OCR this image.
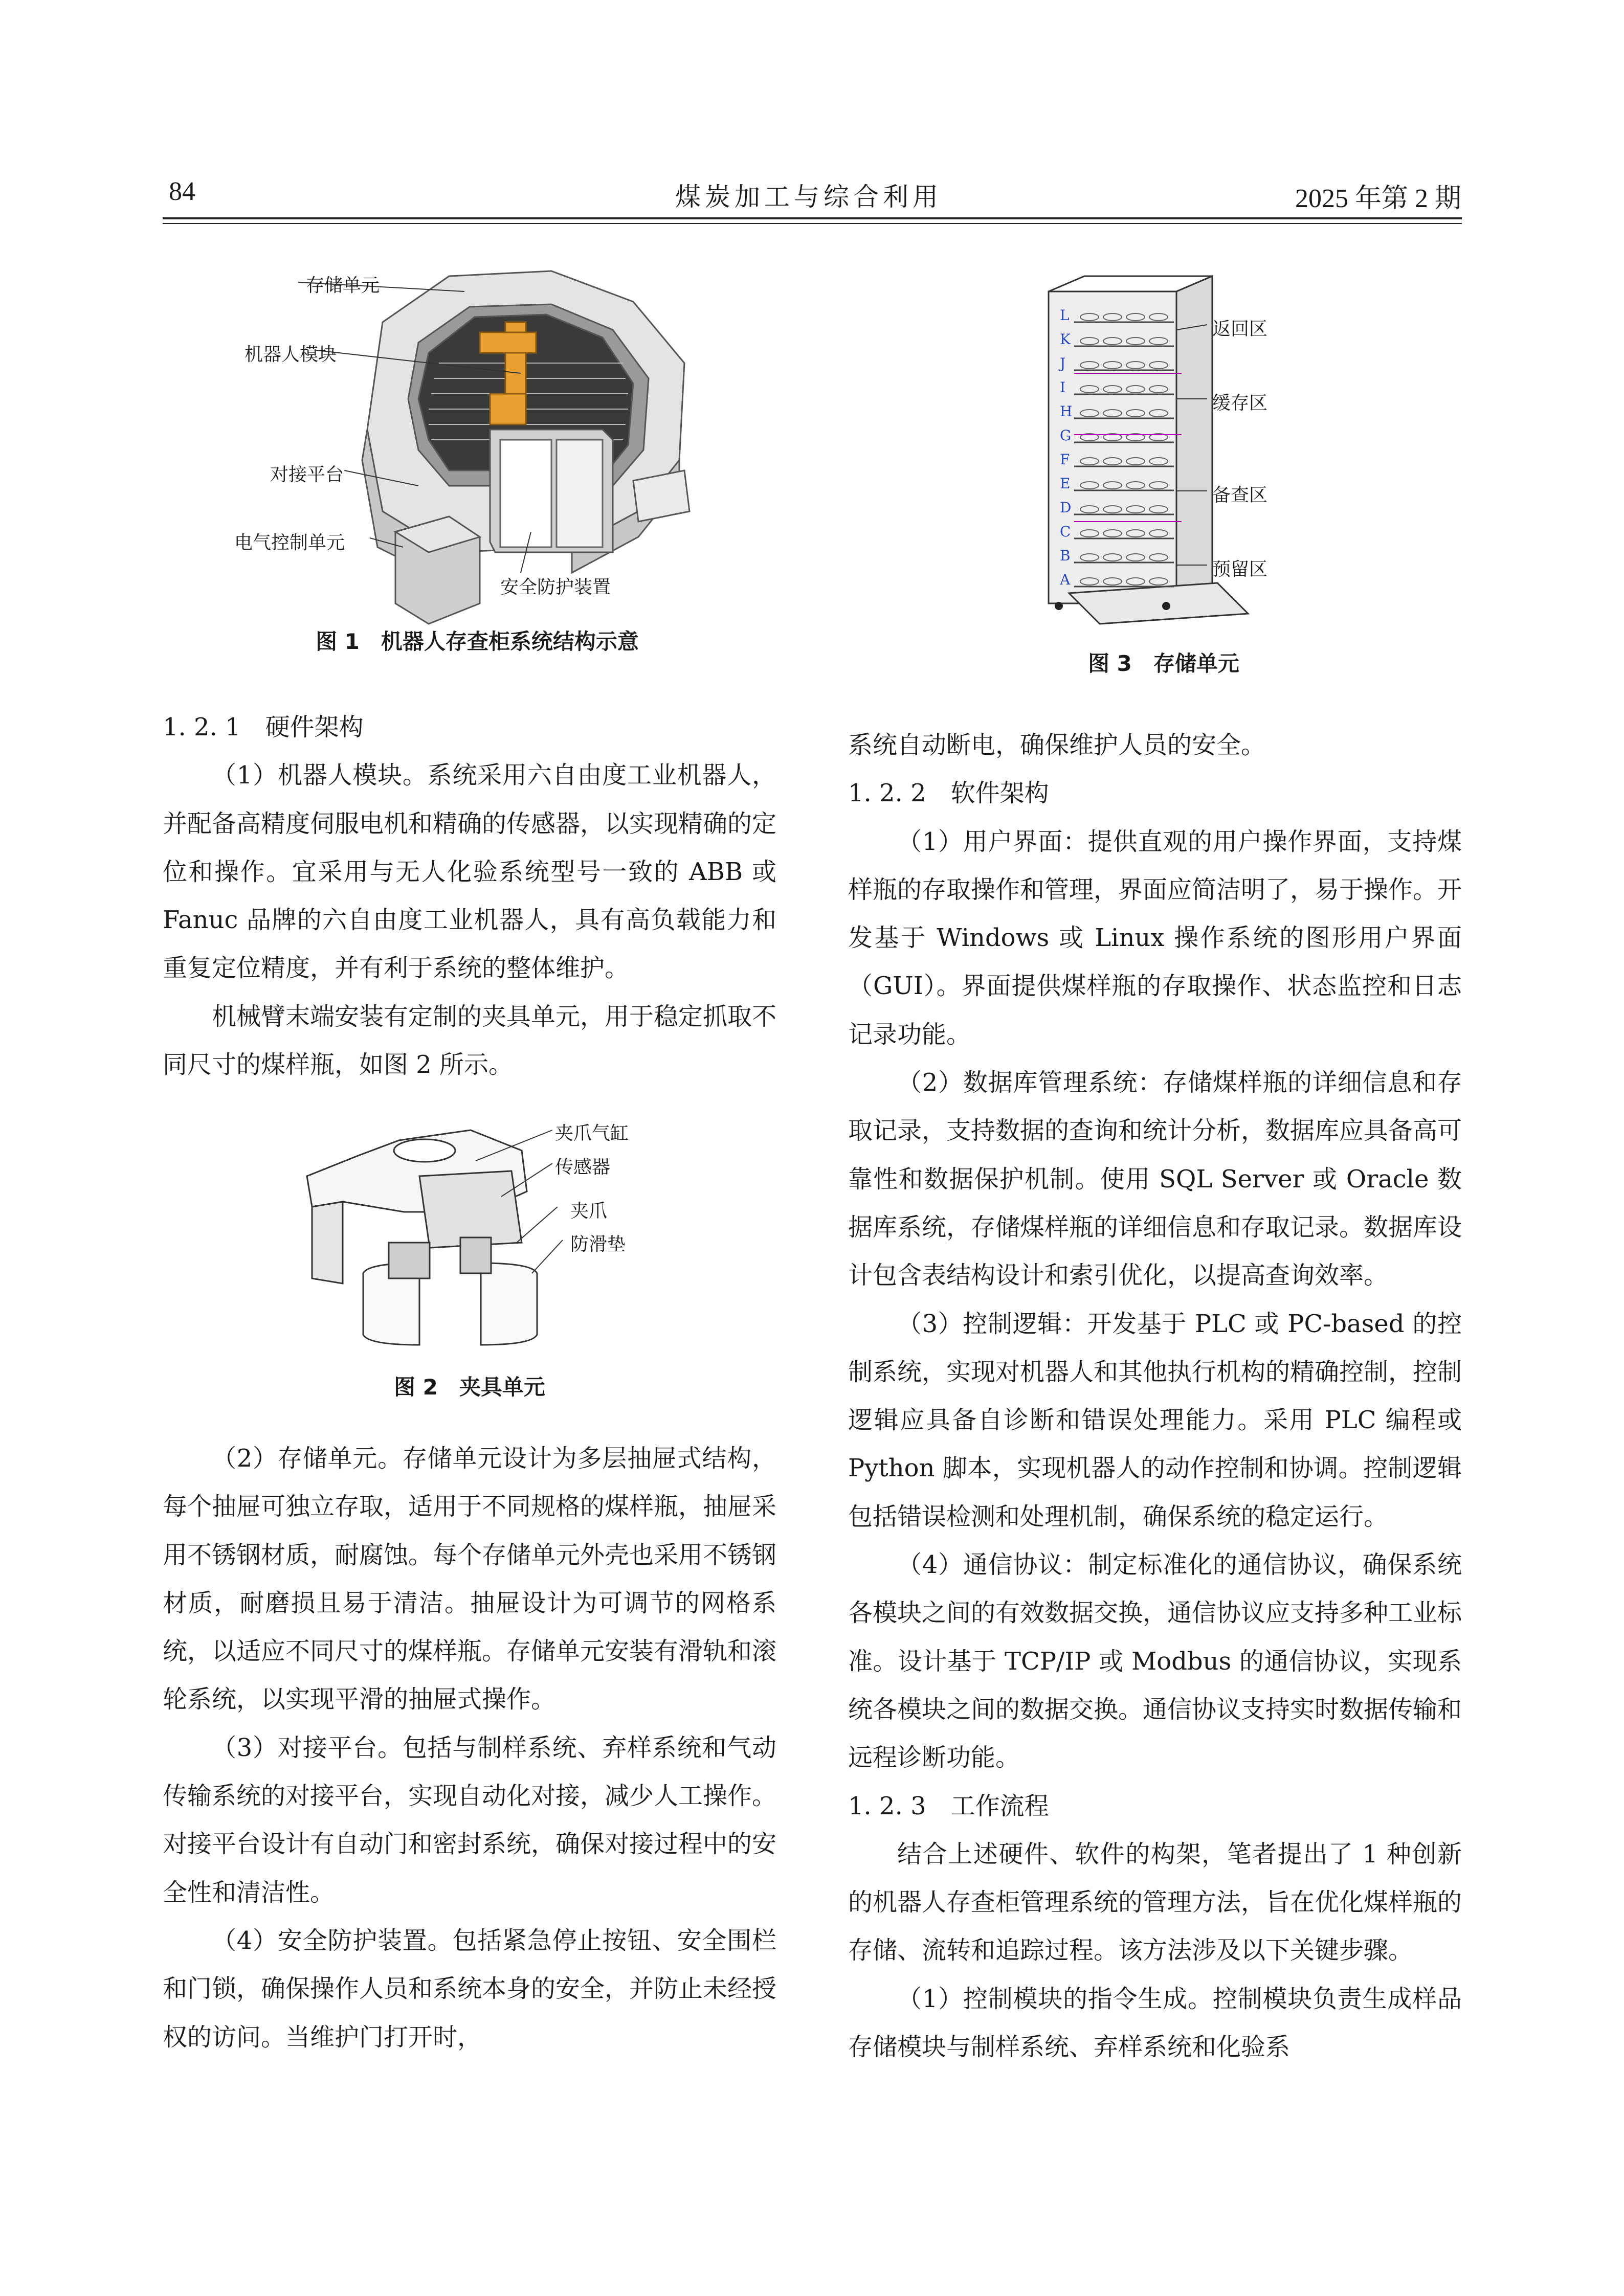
84	煤炭加工与综合利用	2025 年第 2 期
存储单元
机器人模块
对接平台
电气控制单元
安全防护装置
图 1　机器人存查柜系统结构示意
L
K
J
I
H
G
F
E
D
C
B
A
返回区
缓存区
备查区
预留区
图 3　存储单元

1. 2. 1　硬件架构

（1）机器人模块。系统采用六自由度工业机器人，并配备高精度伺服电机和精确的传感器，以实现精确的定位和操作。宜采用与无人化验系统型号一致的 ABB 或 Fanuc 品牌的六自由度工业机器人，具有高负载能力和重复定位精度，并有利于系统的整体维护。

机械臂末端安装有定制的夹具单元，用于稳定抓取不同尺寸的煤样瓶，如图 2 所示。

夹爪气缸
传感器
夹爪
防滑垫
图 2　夹具单元

（2）存储单元。存储单元设计为多层抽屉式结构，每个抽屉可独立存取，适用于不同规格的煤样瓶，抽屉采用不锈钢材质，耐腐蚀。每个存储单元外壳也采用不锈钢材质，耐磨损且易于清洁。抽屉设计为可调节的网格系统，以适应不同尺寸的煤样瓶。存储单元安装有滑轨和滚轮系统，以实现平滑的抽屉式操作。

（3）对接平台。包括与制样系统、弃样系统和气动传输系统的对接平台，实现自动化对接，减少人工操作。对接平台设计有自动门和密封系统，确保对接过程中的安全性和清洁性。

（4）安全防护装置。包括紧急停止按钮、安全围栏和门锁，确保操作人员和系统本身的安全，并防止未经授权的访问。当维护门打开时，

系统自动断电，确保维护人员的安全。

1. 2. 2　软件架构

（1）用户界面：提供直观的用户操作界面，支持煤样瓶的存取操作和管理，界面应简洁明了，易于操作。开发基于 Windows 或 Linux 操作系统的图形用户界面（GUI）。界面提供煤样瓶的存取操作、状态监控和日志记录功能。

（2）数据库管理系统：存储煤样瓶的详细信息和存取记录，支持数据的查询和统计分析，数据库应具备高可靠性和数据保护机制。使用 SQL Server 或 Oracle 数据库系统，存储煤样瓶的详细信息和存取记录。数据库设计包含表结构设计和索引优化，以提高查询效率。

（3）控制逻辑：开发基于 PLC 或 PC-based 的控制系统，实现对机器人和其他执行机构的精确控制，控制逻辑应具备自诊断和错误处理能力。采用 PLC 编程或 Python 脚本，实现机器人的动作控制和协调。控制逻辑包括错误检测和处理机制，确保系统的稳定运行。

（4）通信协议：制定标准化的通信协议，确保系统各模块之间的有效数据交换，通信协议应支持多种工业标准。设计基于 TCP/IP 或 Modbus 的通信协议，实现系统各模块之间的数据交换。通信协议支持实时数据传输和远程诊断功能。

1. 2. 3　工作流程

结合上述硬件、软件的构架，笔者提出了 1 种创新的机器人存查柜管理系统的管理方法，旨在优化煤样瓶的存储、流转和追踪过程。该方法涉及以下关键步骤。

（1）控制模块的指令生成。控制模块负责生成样品存储模块与制样系统、弃样系统和化验系
